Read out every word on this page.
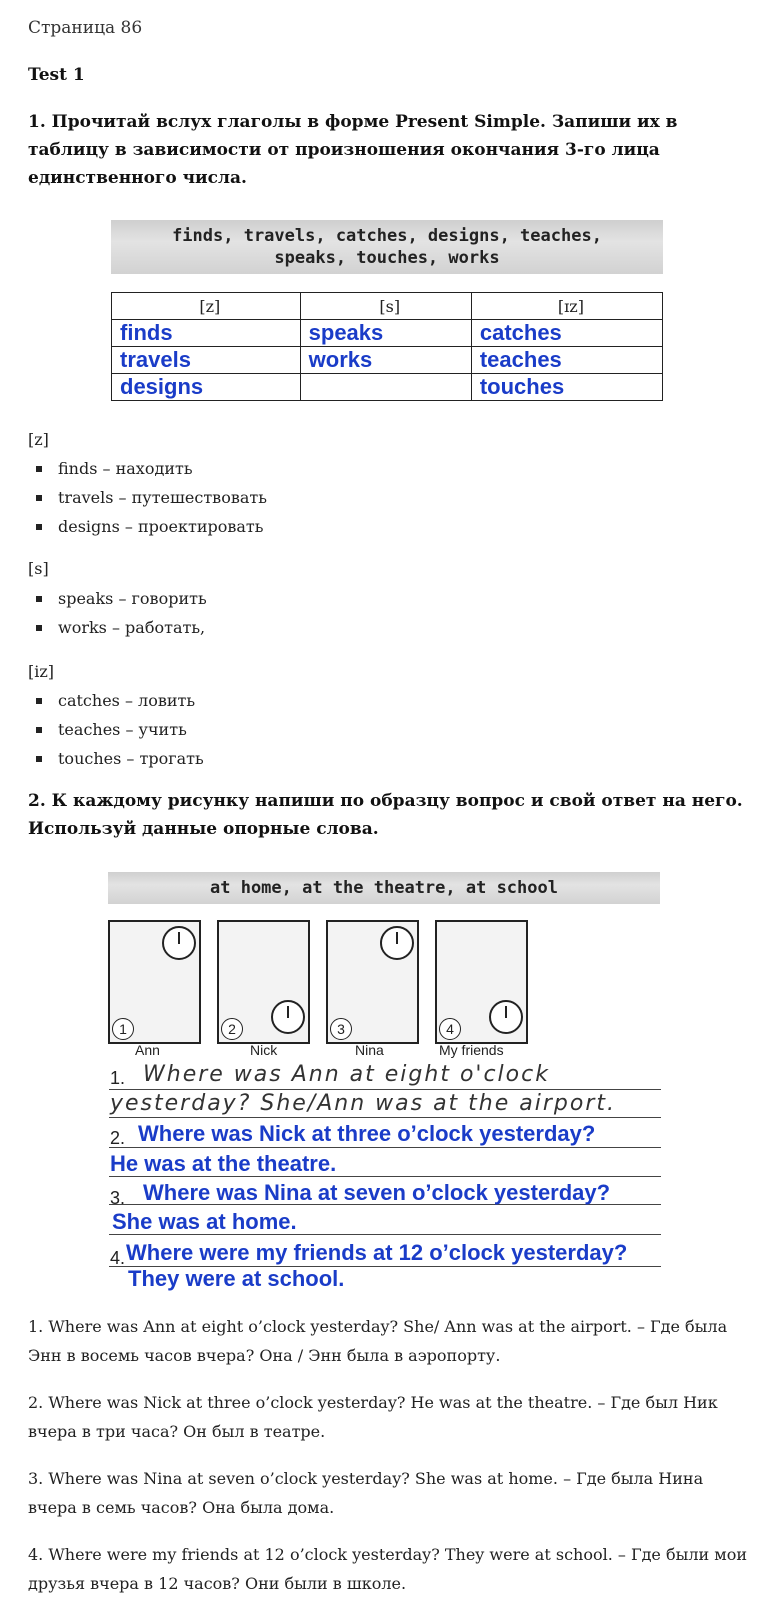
Страница 86
Test 1
1. Прочитай вслух глаголы в форме Present Simple. Запиши их в таблицу в зависимости от произношения окончания 3-го лица единственного числа.
finds, travels, catches, designs, teaches,
speaks, touches, works
[z]	[s]	[ɪz]
finds	speaks	catches
travels	works	teaches
designs		touches
[z]
finds – находить
travels – путешествовать
designs – проектировать
[s]
speaks – говорить
works – работать,
[iz]
catches – ловить
teaches – учить
touches – трогать
2. К каждому рисунку напиши по образцу вопрос и свой ответ на него. Используй данные опорные слова.
at home, at the theatre, at school
1	2	3	4
Ann	Nick	Nina	My friends
1.
2.
3.
4.
Where was Ann at eight o'clock
yesterday? She/Ann was at the airport.
Where was Nick at three o’clock yesterday?
He was at the theatre.
Where was Nina at seven o’clock yesterday?
She was at home.
Where were my friends at 12 o’clock yesterday?
They were at school.
1. Where was Ann at eight o’clock yesterday? She/ Ann was at the airport. – Где была Энн в восемь часов вчера? Она / Энн была в аэропорту.
2. Where was Nick at three o’clock yesterday? He was at the theatre. – Где был Ник вчера в три часа? Он был в театре.
3. Where was Nina at seven o’clock yesterday? She was at home. – Где была Нина вчера в семь часов? Она была дома.
4. Where were my friends at 12 o’clock yesterday? They were at school. – Где были мои друзья вчера в 12 часов? Они были в школе.
